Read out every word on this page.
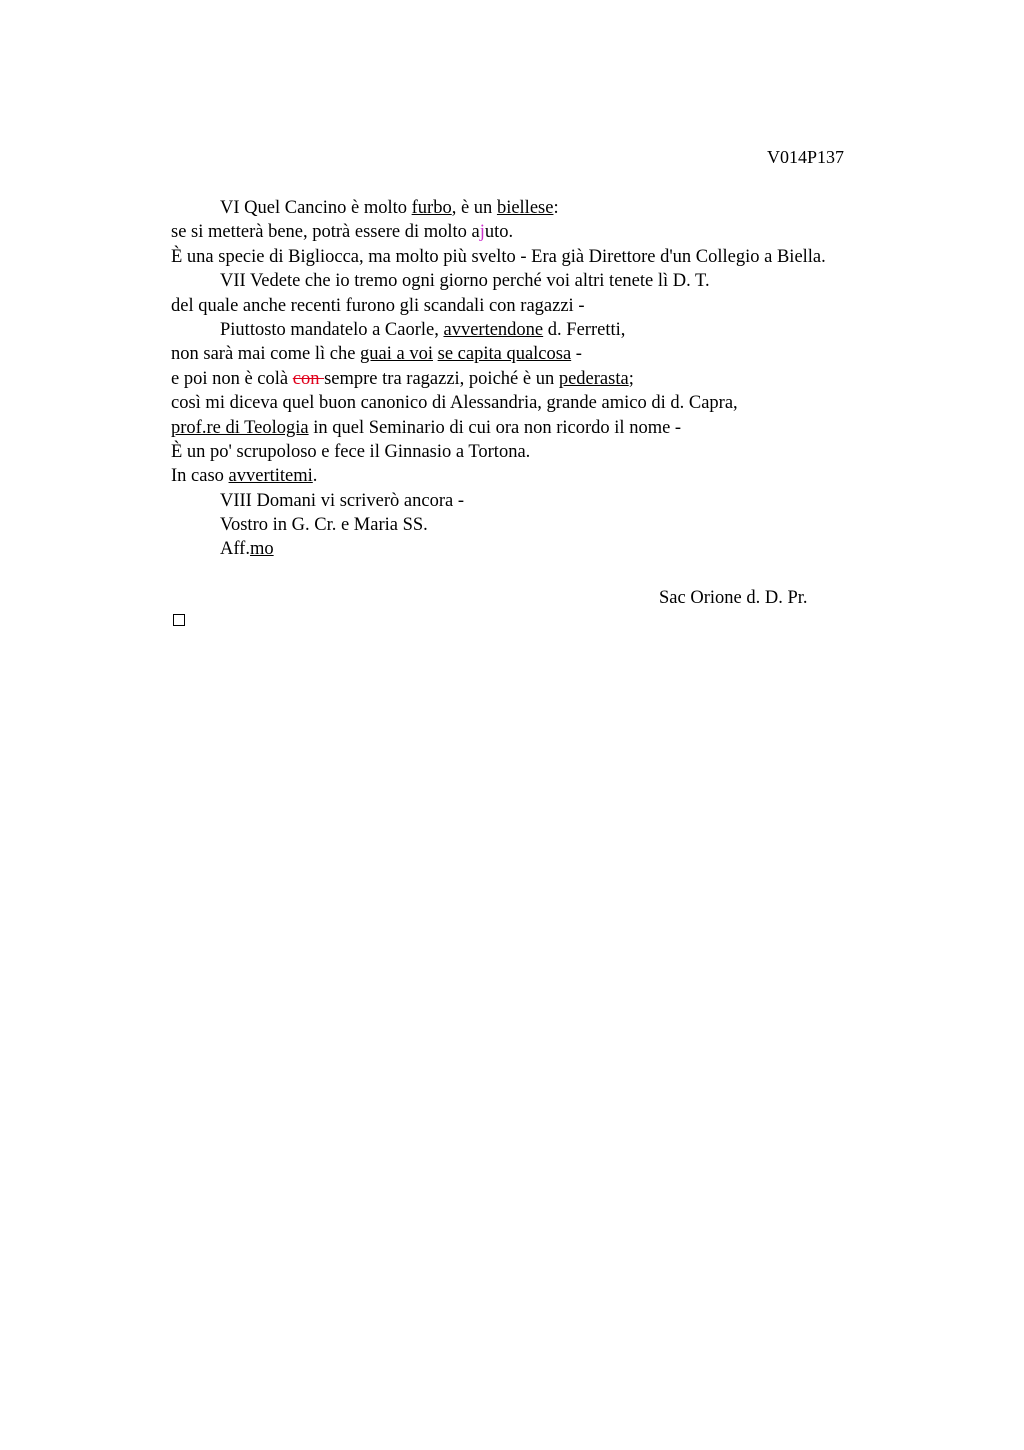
V014P137
VI Quel Cancino è molto furbo, è un biellese:
se si metterà bene, potrà essere di molto ajuto.
È una specie di Bigliocca, ma molto più svelto - Era già Direttore d'un Collegio a Biella.
VII Vedete che io tremo ogni giorno perché voi altri tenete lì D. T.
del quale anche recenti furono gli scandali con ragazzi -
Piuttosto mandatelo a Caorle, avvertendone d. Ferretti,
non sarà mai come lì che guai a voi se capita qualcosa -
e poi non è colà con sempre tra ragazzi, poiché è un pederasta;
così mi diceva quel buon canonico di Alessandria, grande amico di d. Capra,
prof.re di Teologia in quel Seminario di cui ora non ricordo il nome -
È un po' scrupoloso e fece il Ginnasio a Tortona.
In caso avvertitemi.
VIII Domani vi scriverò ancora -
Vostro in G. Cr. e Maria SS.
Aff.mo
Sac Orione d. D. Pr.
